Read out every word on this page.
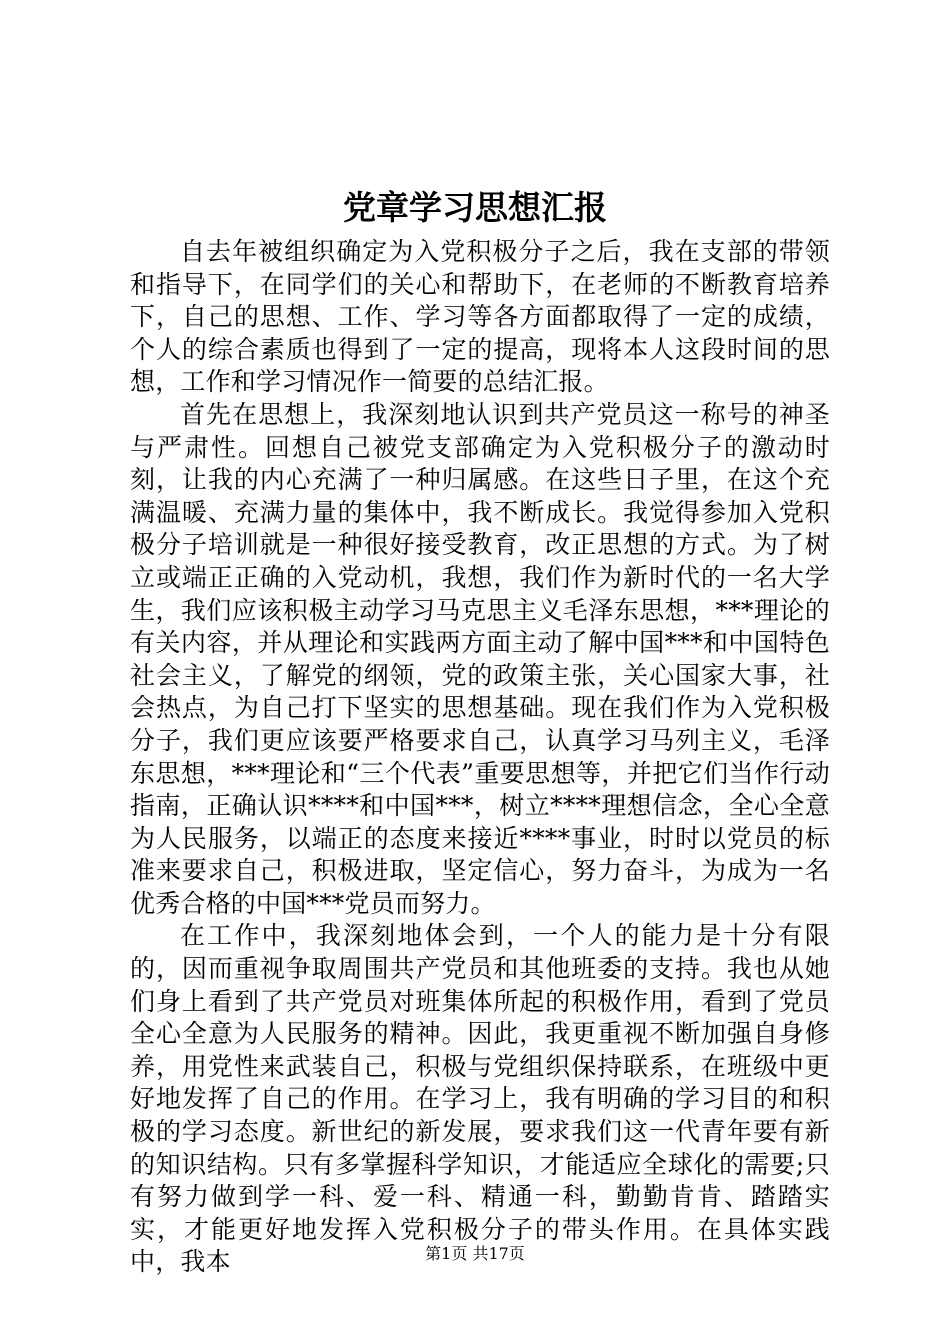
党章学习思想汇报

自去年被组织确定为入党积极分子之后，我在支部的带领和指导下，在同学们的关心和帮助下，在老师的不断教育培养下，自己的思想、工作、学习等各方面都取得了一定的成绩，个人的综合素质也得到了一定的提高，现将本人这段时间的思想，工作和学习情况作一简要的总结汇报。

首先在思想上，我深刻地认识到共产党员这一称号的神圣与严肃性。回想自己被党支部确定为入党积极分子的激动时刻，让我的内心充满了一种归属感。在这些日子里，在这个充满温暖、充满力量的集体中，我不断成长。我觉得参加入党积极分子培训就是一种很好接受教育，改正思想的方式。为了树立或端正正确的入党动机，我想，我们作为新时代的一名大学生，我们应该积极主动学习马克思主义毛泽东思想，***理论的有关内容，并从理论和实践两方面主动了解中国***和中国特色社会主义，了解党的纲领，党的政策主张，关心国家大事，社会热点，为自己打下坚实的思想基础。现在我们作为入党积极分子，我们更应该要严格要求自己，认真学习马列主义，毛泽东思想，***理论和“三个代表”重要思想等，并把它们当作行动指南，正确认识****和中国***，树立****理想信念，全心全意为人民服务，以端正的态度来接近****事业，时时以党员的标准来要求自己，积极进取，坚定信心，努力奋斗，为成为一名优秀合格的中国***党员而努力。

在工作中，我深刻地体会到，一个人的能力是十分有限的，因而重视争取周围共产党员和其他班委的支持。我也从她们身上看到了共产党员对班集体所起的积极作用，看到了党员全心全意为人民服务的精神。因此，我更重视不断加强自身修养，用党性来武装自己，积极与党组织保持联系，在班级中更好地发挥了自己的作用。在学习上，我有明确的学习目的和积极的学习态度。新世纪的新发展，要求我们这一代青年要有新的知识结构。只有多掌握科学知识，才能适应全球化的需要;只有努力做到学一科、爱一科、精通一科，勤勤肯肯、踏踏实实，才能更好地发挥入党积极分子的带头作用。在具体实践中，我本	第1页 共17页
